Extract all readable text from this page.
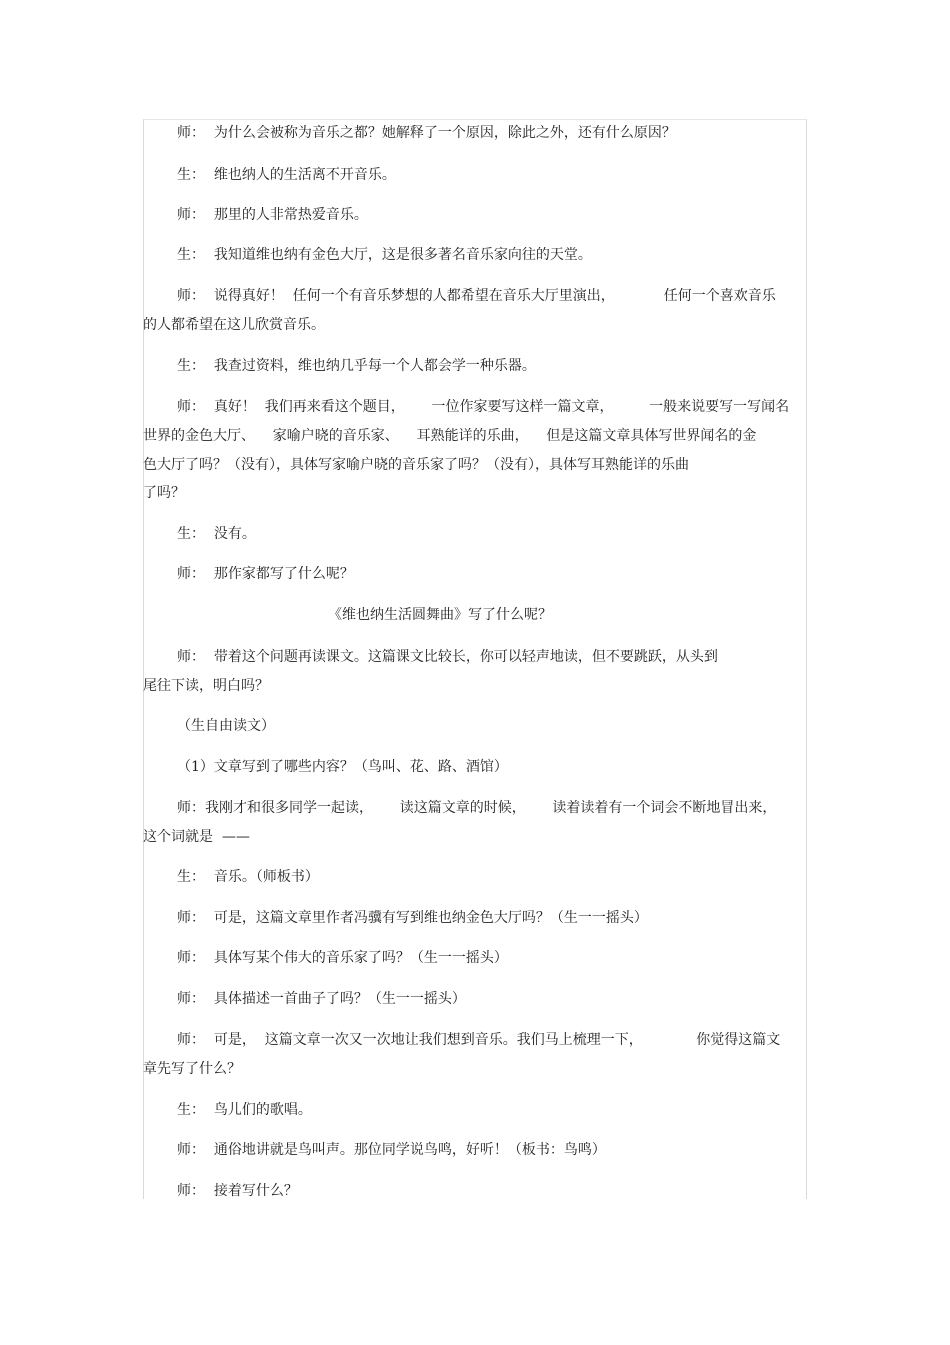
师：  为什么会被称为音乐之都？她解释了一个原因，除此之外，还有什么原因？
生：  维也纳人的生活离不开音乐。
师：  那里的人非常热爱音乐。
生：  我知道维也纳有金色大厅，这是很多著名音乐家向往的天堂。
师：  说得真好！  任何一个有音乐梦想的人都希望在音乐大厅里演出，           任何一个喜欢音乐
的人都希望在这儿欣赏音乐。
生：  我查过资料，维也纳几乎每一个人都会学一种乐器。
师：  真好！  我们再来看这个题目，      一位作家要写这样一篇文章，        一般来说要写一写闻名
世界的金色大厅、    家喻户晓的音乐家、    耳熟能详的乐曲，    但是这篇文章具体写世界闻名的金
色大厅了吗？（没有），具体写家喻户晓的音乐家了吗？（没有），具体写耳熟能详的乐曲
了吗？
生：  没有。
师：  那作家都写了什么呢？
《维也纳生活圆舞曲》写了什么呢？
师：  带着这个问题再读课文。这篇课文比较长，你可以轻声地读，但不要跳跃，从头到
尾往下读，明白吗？
（生自由读文）
（1）文章写到了哪些内容？（鸟叫、花、路、酒馆）
师：我刚才和很多同学一起读，      读这篇文章的时候，      读着读着有一个词会不断地冒出来，
这个词就是  ——
生：  音乐。（师板书）
师：  可是，这篇文章里作者冯骥有写到维也纳金色大厅吗？（生一一摇头）
师：  具体写某个伟大的音乐家了吗？（生一一摇头）
师：  具体描述一首曲子了吗？（生一一摇头）
师：  可是，  这篇文章一次又一次地让我们想到音乐。我们马上梳理一下，            你觉得这篇文
章先写了什么？
生：  鸟儿们的歌唱。
师：  通俗地讲就是鸟叫声。那位同学说鸟鸣，好听！（板书：鸟鸣）
师：  接着写什么？
